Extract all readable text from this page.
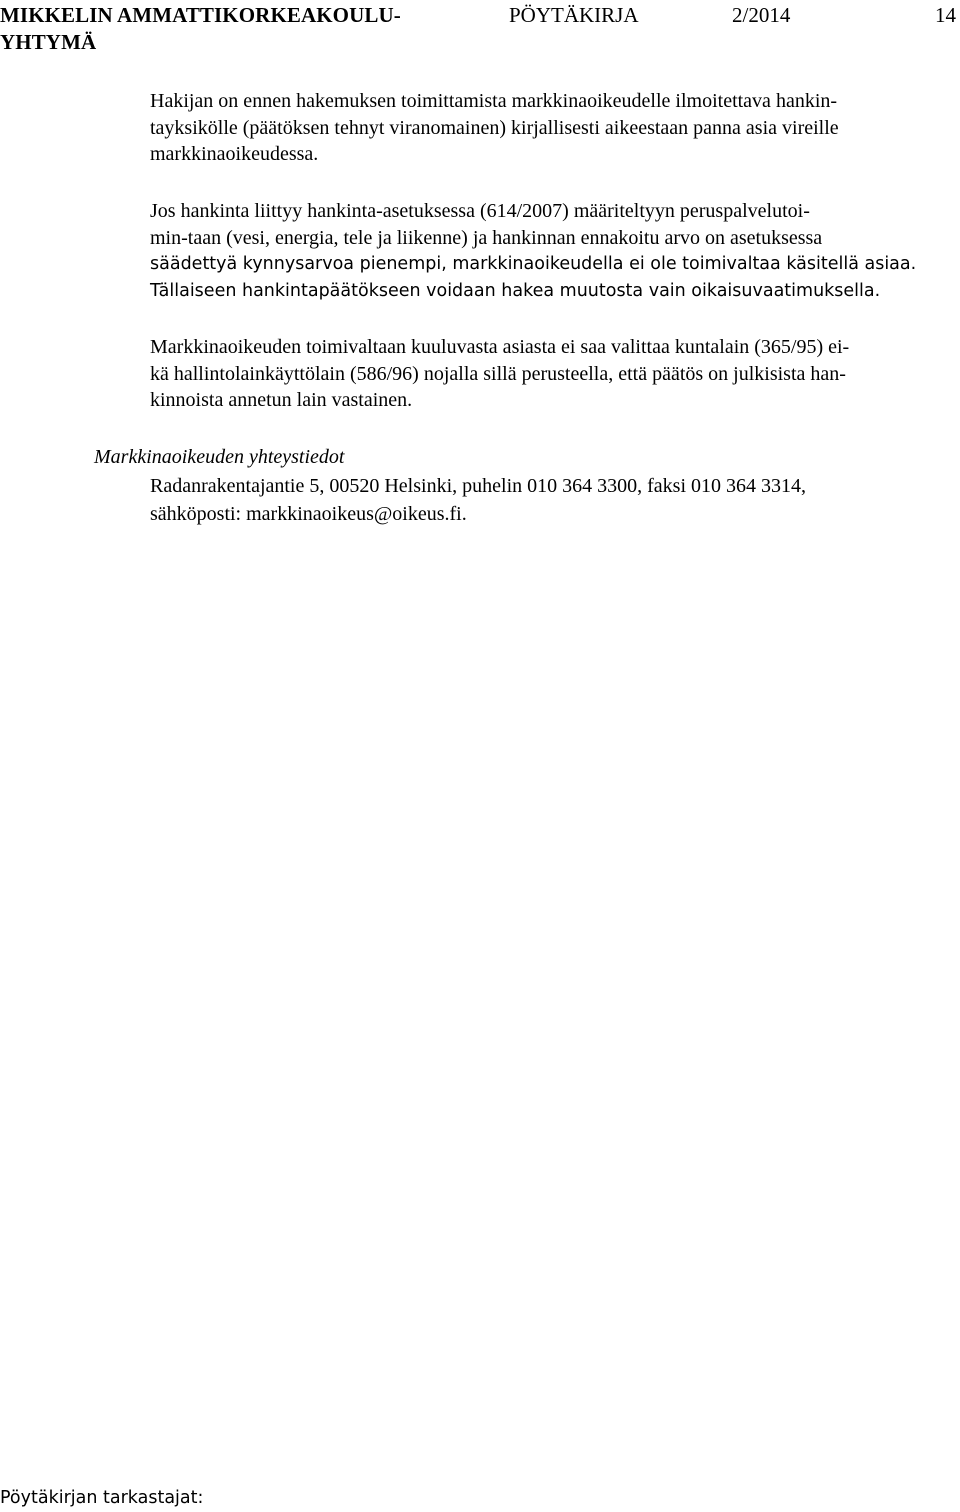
MIKKELIN AMMATTIKORKEAKOULU-
YHTYMÄ
PÖYTÄKIRJA	2/2014	14
Hakijan on ennen hakemuksen toimittamista markkinaoikeudelle ilmoitettava hankin-
tayksikölle (päätöksen tehnyt viranomainen) kirjallisesti aikeestaan panna asia vireille
markkinaoikeudessa.
Jos hankinta liittyy hankinta-asetuksessa (614/2007) määriteltyyn peruspalvelutoi-
min-taan (vesi, energia, tele ja liikenne) ja hankinnan ennakoitu arvo on asetuksessa
säädettyä kynnysarvoa pienempi, markkinaoikeudella ei ole toimivaltaa käsitellä asiaa.
Tällaiseen hankintapäätökseen voidaan hakea muutosta vain oikaisuvaatimuksella.
Markkinaoikeuden toimivaltaan kuuluvasta asiasta ei saa valittaa kuntalain (365/95) ei-
kä hallintolainkäyttölain (586/96) nojalla sillä perusteella, että päätös on julkisista han-
kinnoista annetun lain vastainen.
Markkinaoikeuden yhteystiedot
Radanrakentajantie 5, 00520 Helsinki, puhelin 010 364 3300, faksi 010 364 3314,
sähköposti: markkinaoikeus@oikeus.fi.
Pöytäkirjan tarkastajat:
